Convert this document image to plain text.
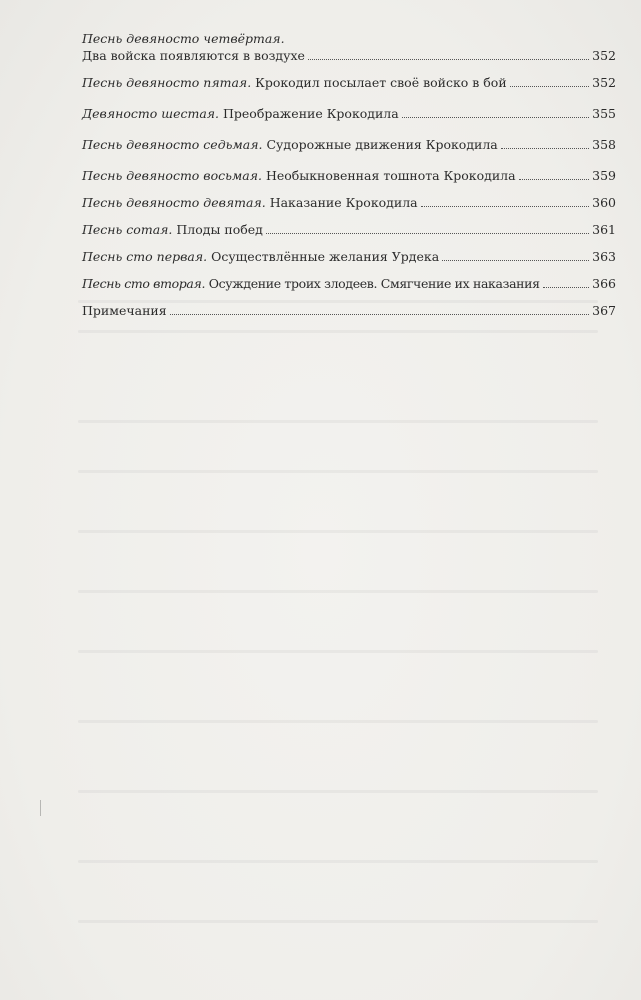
Песнь девяносто четвёртая.
Два войска появляются в воздухе	352
Песнь девяносто пятая. Крокодил посылает своё войско в бой	352
Девяносто шестая. Преображение Крокодила	355
Песнь девяносто седьмая. Судорожные движения Крокодила	358
Песнь девяносто восьмая. Необыкновенная тошнота Крокодила	359
Песнь девяносто девятая. Наказание Крокодила	360
Песнь сотая. Плоды побед	361
Песнь сто первая. Осуществлённые желания Урдека	363
Песнь сто вторая. Осуждение троих злодеев. Смягчение их наказания	366
Примечания	367
